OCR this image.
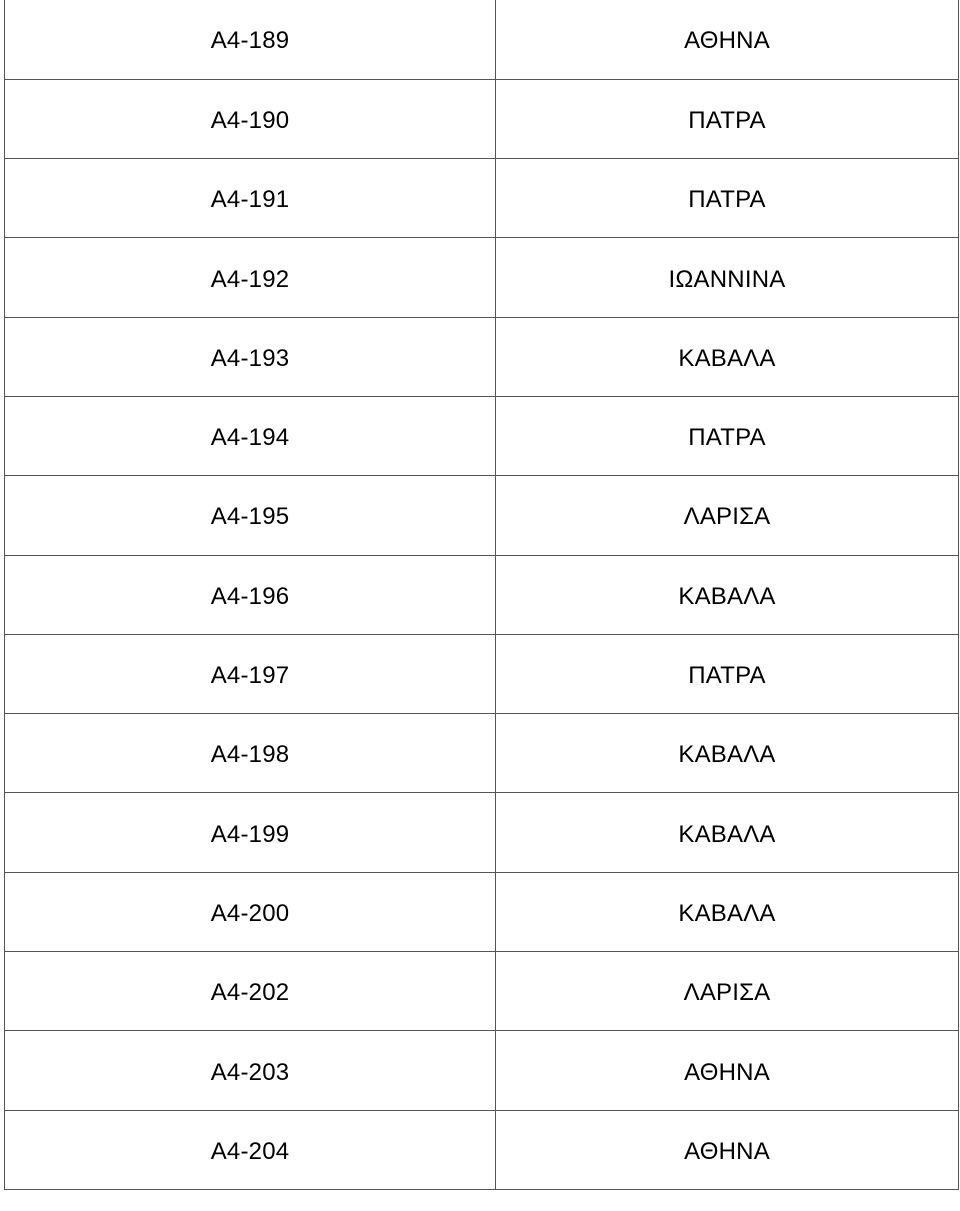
A4-189	ΑΘΗΝΑ

A4-190	ΠΑΤΡΑ

A4-191	ΠΑΤΡΑ

A4-192	ΙΩΑΝΝΙΝΑ

A4-193	ΚΑΒΑΛΑ

A4-194	ΠΑΤΡΑ

A4-195	ΛΑΡΙΣΑ

A4-196	ΚΑΒΑΛΑ

A4-197	ΠΑΤΡΑ

A4-198	ΚΑΒΑΛΑ

A4-199	ΚΑΒΑΛΑ

A4-200	ΚΑΒΑΛΑ

A4-202	ΛΑΡΙΣΑ

A4-203	ΑΘΗΝΑ

A4-204	ΑΘΗΝΑ
